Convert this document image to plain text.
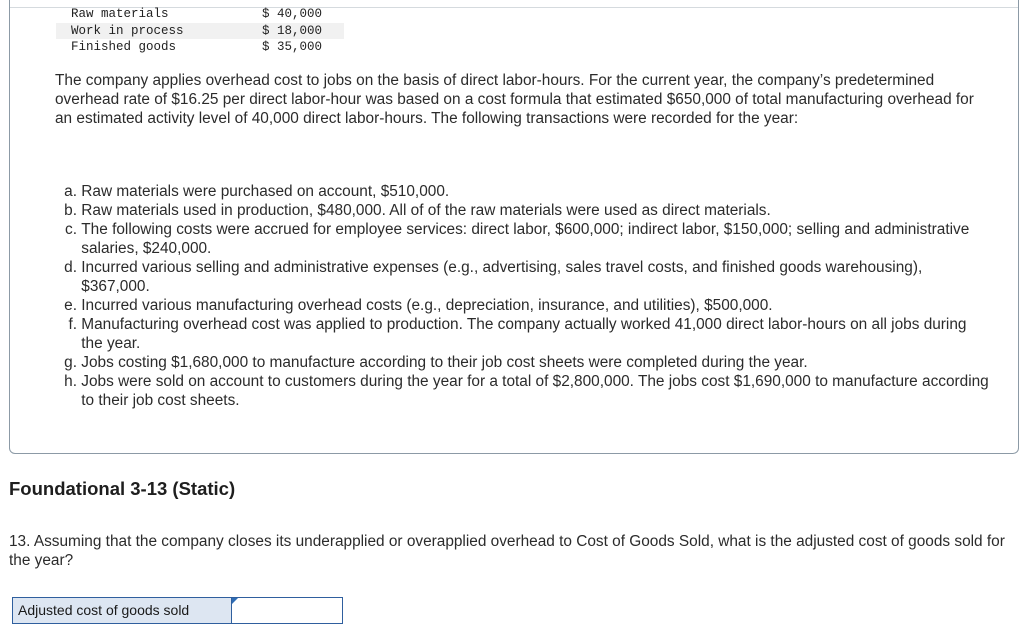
Raw materials	$ 40,000
Work in process	$ 18,000
Finished goods	$ 35,000

The company applies overhead cost to jobs on the basis of direct labor-hours. For the current year, the company’s predetermined overhead rate of $16.25 per direct labor-hour was based on a cost formula that estimated $650,000 of total manufacturing overhead for an estimated activity level of 40,000 direct labor-hours. The following transactions were recorded for the year:

a.
Raw materials were purchased on account, $510,000.
b.
Raw materials used in production, $480,000. All of of the raw materials were used as direct materials.
c.
The following costs were accrued for employee services: direct labor, $600,000; indirect labor, $150,000; selling and administrative salaries, $240,000.
d.
Incurred various selling and administrative expenses (e.g., advertising, sales travel costs, and finished goods warehousing), $367,000.
e.
Incurred various manufacturing overhead costs (e.g., depreciation, insurance, and utilities), $500,000.
f.
Manufacturing overhead cost was applied to production. The company actually worked 41,000 direct labor-hours on all jobs during the year.
g.
Jobs costing $1,680,000 to manufacture according to their job cost sheets were completed during the year.
h.
Jobs were sold on account to customers during the year for a total of $2,800,000. The jobs cost $1,690,000 to manufacture according to their job cost sheets.
Foundational 3-13 (Static)

13. Assuming that the company closes its underapplied or overapplied overhead to Cost of Goods Sold, what is the adjusted cost of goods sold for the year?

Adjusted cost of goods sold
